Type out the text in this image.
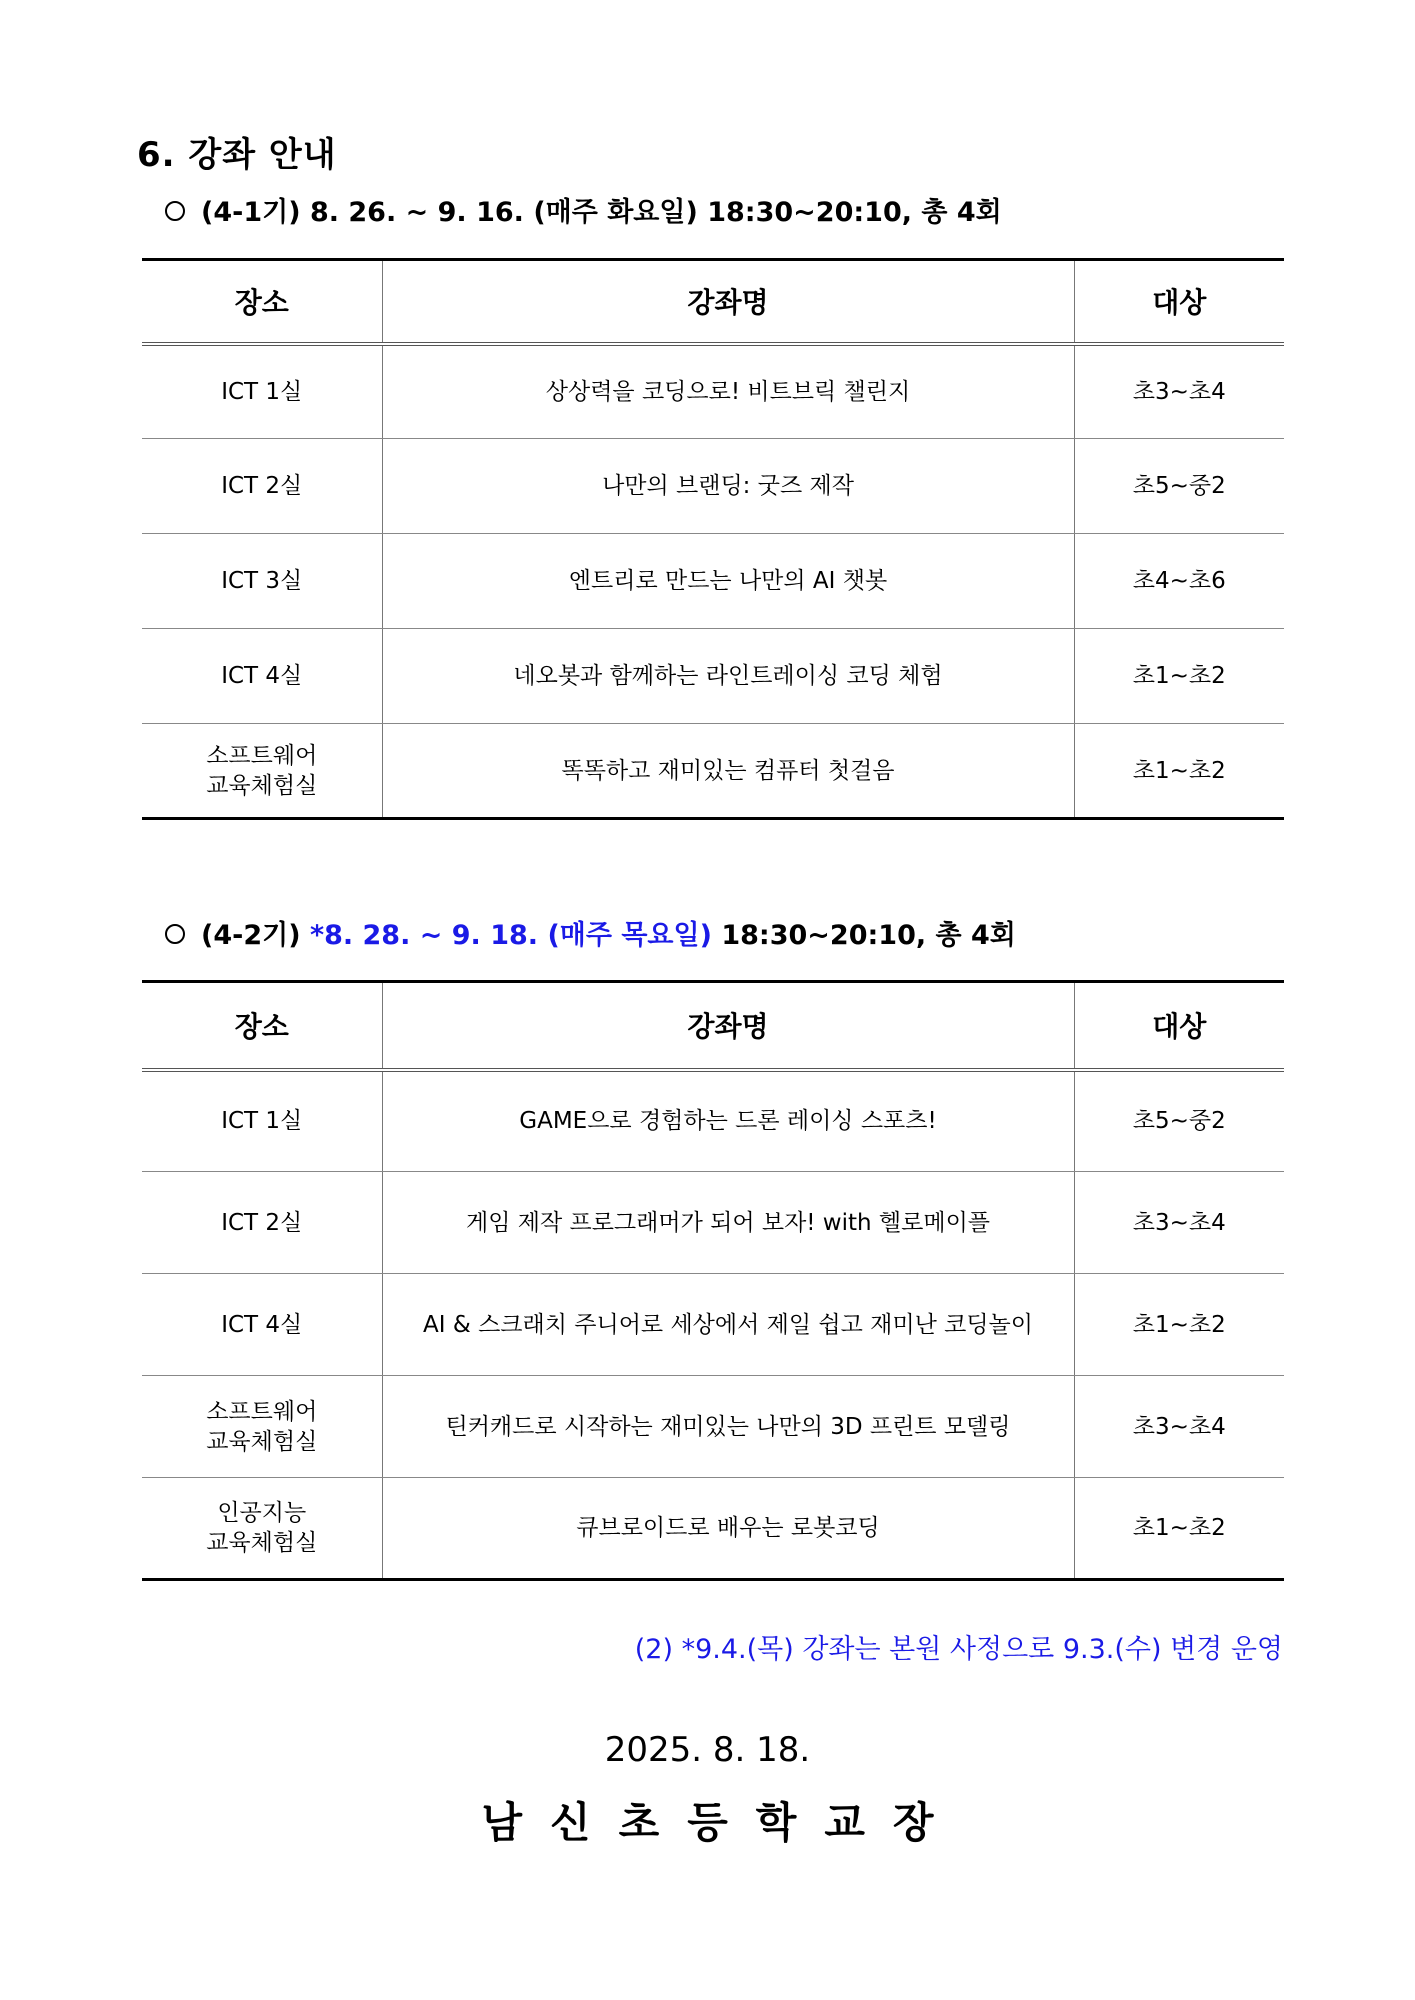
6. 강좌 안내
(4-1기) 8. 26. ~ 9. 16. (매주 화요일) 18:30~20:10, 총 4회
장소	강좌명	대상
ICT 1실	상상력을 코딩으로! 비트브릭 챌린지	초3~초4
ICT 2실	나만의 브랜딩: 굿즈 제작	초5~중2
ICT 3실	엔트리로 만드는 나만의 AI 챗봇	초4~초6
ICT 4실	네오봇과 함께하는 라인트레이싱 코딩 체험	초1~초2

소프트웨어
교육체험실	똑똑하고 재미있는 컴퓨터 첫걸음	초1~초2
(4-2기) *8. 28. ~ 9. 18. (매주 목요일) 18:30~20:10, 총 4회
장소	강좌명	대상
ICT 1실	GAME으로 경험하는 드론 레이싱 스포츠!	초5~중2
ICT 2실	게임 제작 프로그래머가 되어 보자! with 헬로메이플	초3~초4
ICT 4실	AI & 스크래치 주니어로 세상에서 제일 쉽고 재미난 코딩놀이	초1~초2

소프트웨어
교육체험실	틴커캐드로 시작하는 재미있는 나만의 3D 프린트 모델링	초3~초4

인공지능
교육체험실	큐브로이드로 배우는 로봇코딩	초1~초2
(2) *9.4.(목) 강좌는 본원 사정으로 9.3.(수) 변경 운영
2025. 8. 18.
남신초등학교장
